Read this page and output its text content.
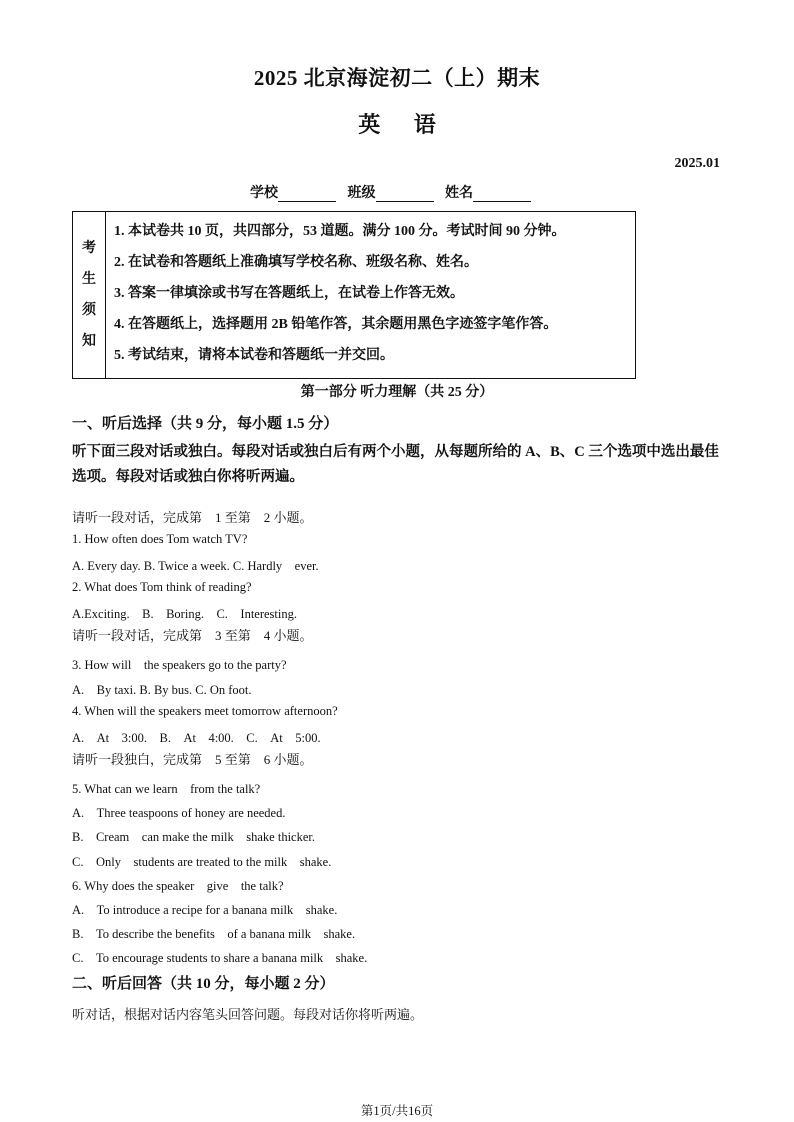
2025 北京海淀初二（上）期末
英 语
2025.01
学校	班级	姓名
考
生
须
知
1. 本试卷共 10 页，共四部分，53 道题。满分 100 分。考试时间 90 分钟。
2. 在试卷和答题纸上准确填写学校名称、班级名称、姓名。
3. 答案一律填涂或书写在答题纸上，在试卷上作答无效。
4. 在答题纸上，选择题用 2B 铅笔作答，其余题用黑色字迹签字笔作答。
5. 考试结束，请将本试卷和答题纸一并交回。
第一部分 听力理解（共 25 分）
一、听后选择（共 9 分，每小题 1.5 分）
听下面三段对话或独白。每段对话或独白后有两个小题，从每题所给的 A、B、C 三个选项中选出最佳选项。每段对话或独白你将听两遍。
请听一段对话，完成第　1 至第　2 小题。
1. How often does Tom watch TV?
A. Every day. B. Twice a week. C. Hardly　ever.
2. What does Tom think of reading?
A.Exciting.　B.　Boring.　C.　Interesting.
请听一段对话，完成第　3 至第　4 小题。
3. How will　the speakers go to the party?
A.　By taxi. B. By bus. C. On foot.
4. When will the speakers meet tomorrow afternoon?
A.　At　3:00.　B.　At　4:00.　C.　At　5:00.
请听一段独白，完成第　5 至第　6 小题。
5. What can we learn　from the talk?
A.　Three teaspoons of honey are needed.
B.　Cream　can make the milk　shake thicker.
C.　Only　students are treated to the milk　shake.
6. Why does the speaker　give　the talk?
A.　To introduce a recipe for a banana milk　shake.
B.　To describe the benefits　of a banana milk　shake.
C.　To encourage students to share a banana milk　shake.
二、听后回答（共 10 分，每小题 2 分）
听对话，根据对话内容笔头回答问题。每段对话你将听两遍。
第1页/共16页
